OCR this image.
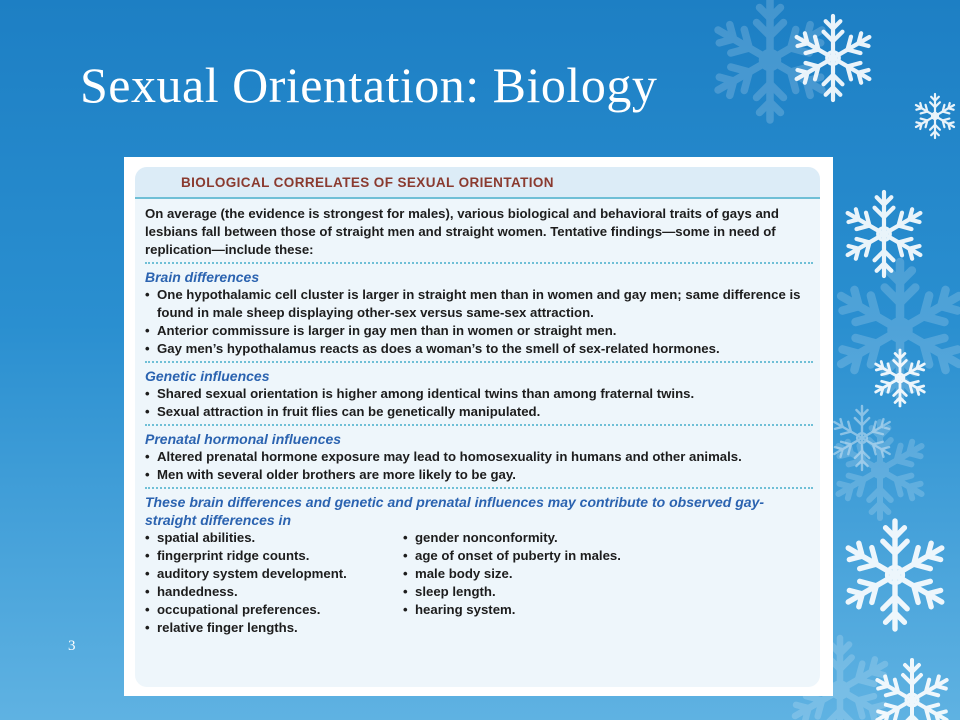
Sexual Orientation: Biology

BIOLOGICAL CORRELATES OF SEXUAL ORIENTATION

On average (the evidence is strongest for males), various biological and behavioral traits of gays and lesbians fall between those of straight men and straight women. Tentative findings—some in need of replication—include these:

Brain differences

• One hypothalamic cell cluster is larger in straight men than in women and gay men; same difference is found in male sheep displaying other-sex versus same-sex attraction.
• Anterior commissure is larger in gay men than in women or straight men.
• Gay men’s hypothalamus reacts as does a woman’s to the smell of sex-related hormones.

Genetic influences

• Shared sexual orientation is higher among identical twins than among fraternal twins.
• Sexual attraction in fruit flies can be genetically manipulated.

Prenatal hormonal influences

• Altered prenatal hormone exposure may lead to homosexuality in humans and other animals.
• Men with several older brothers are more likely to be gay.

These brain differences and genetic and prenatal influences may contribute to observed gay-straight differences in

• spatial abilities.
• fingerprint ridge counts.
• auditory system development.
• handedness.
• occupational preferences.
• relative finger lengths.
• gender nonconformity.
• age of onset of puberty in males.
• male body size.
• sleep length.
• hearing system.
3
